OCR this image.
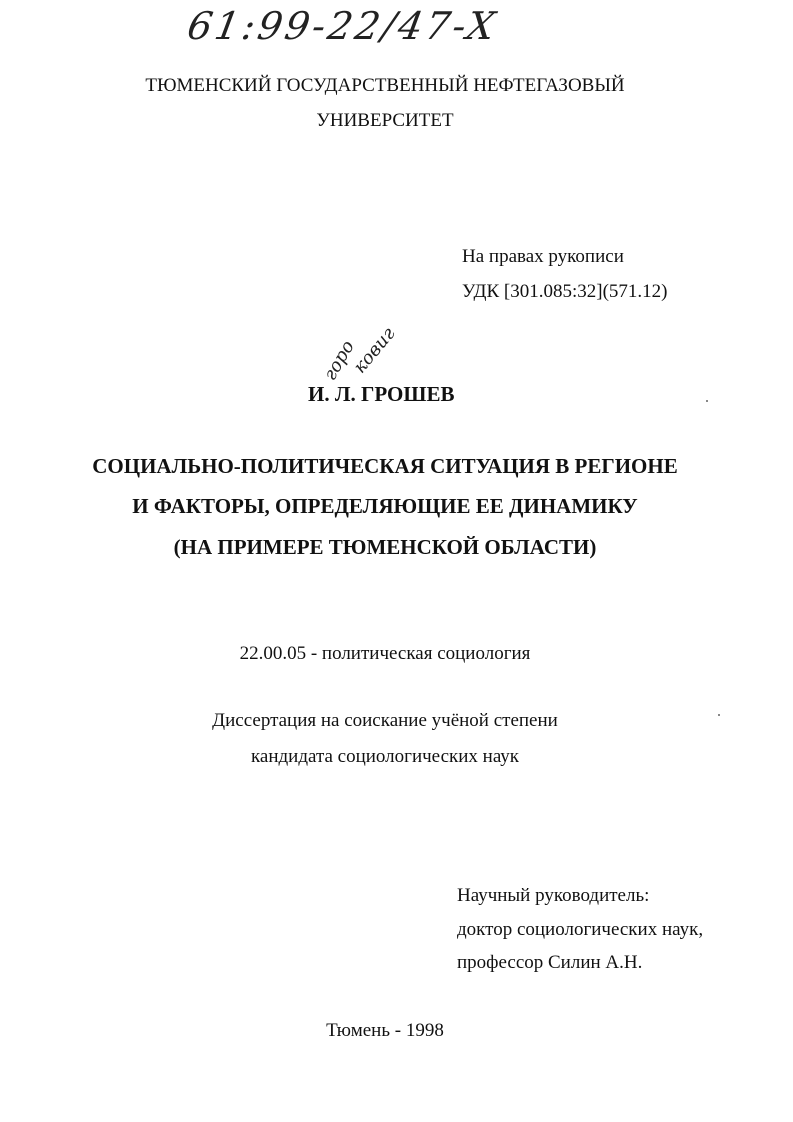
61:99-22/47-X
горо
ковиг
ТЮМЕНСКИЙ ГОСУДАРСТВЕННЫЙ НЕФТЕГАЗОВЫЙ
УНИВЕРСИТЕТ
На правах рукописи
УДК [301.085:32](571.12)
И. Л. ГРОШЕВ
СОЦИАЛЬНО-ПОЛИТИЧЕСКАЯ СИТУАЦИЯ В РЕГИОНЕ
И ФАКТОРЫ, ОПРЕДЕЛЯЮЩИЕ ЕЕ ДИНАМИКУ
(НА ПРИМЕРЕ ТЮМЕНСКОЙ ОБЛАСТИ)
22.00.05 - политическая социология
Диссертация на соискание учёной степени
кандидата социологических наук
Научный руководитель:
доктор социологических наук,
профессор Силин А.Н.
Тюмень - 1998
